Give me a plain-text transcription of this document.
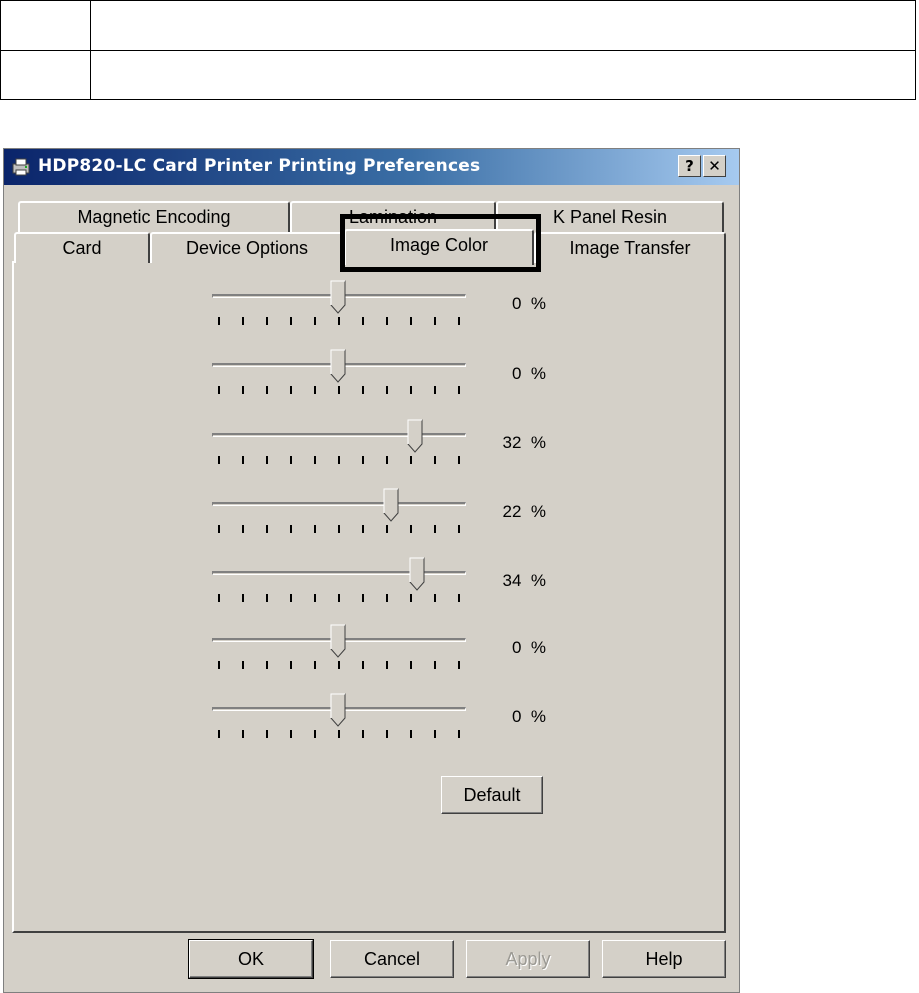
HDP820-LC Card Printer Printing Preferences	? ✕
Magnetic Encoding	Lamination	K Panel Resin
Card	Device Options	Image Color	Image Transfer
0 %
0 %
32 %
22 %
34 %
0 %
0 %
Default
OK	Cancel	Apply	Help
